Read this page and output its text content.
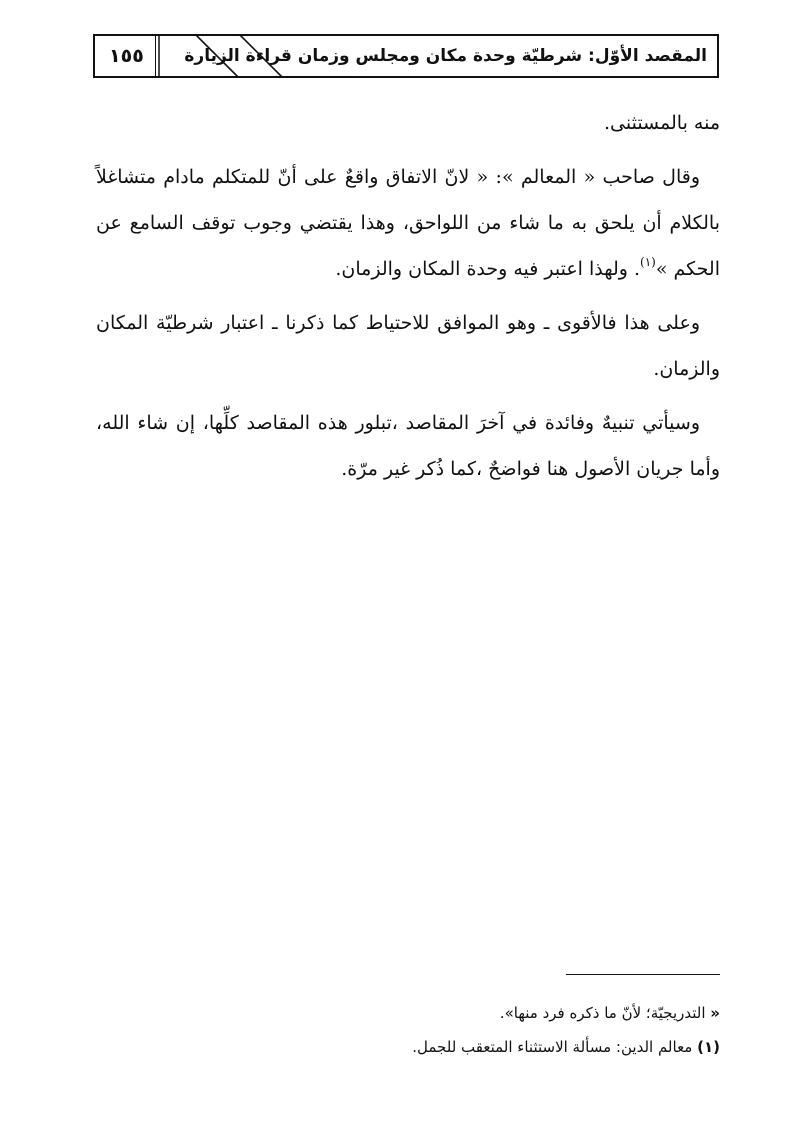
١٥٥ المقصد الأوّل: شرطيّة وحدة مكان ومجلس وزمان قراءة الزيارة

منه بالمستثنى.

وقال صاحب « المعالم »: « لانّ الاتفاق واقعٌ على أنّ للمتكلم مادام متشاغلاً بالكلام أن يلحق به ما شاء من اللواحق، وهذا يقتضي وجوب توقف السامع عن الحكم »$^{(١)}$. ولهذا اعتبر فيه وحدة المكان والزمان.

وعلى هذا فالأقوى ـ وهو الموافق للاحتياط كما ذكرنا ـ اعتبار شرطيّة المكان والزمان.

وسيأتي تنبيهٌ وفائدة في آخرَ المقاصد ،تبلور هذه المقاصد كلِّها، إن شاء الله، وأما جريان الأصول هنا فواضحٌ ،كما ذُكر غير مرّة.

« التدريجيّة؛ لأنّ ما ذكره فرد منها».
(١) معالم الدين: مسألة الاستثناء المتعقب للجمل.
